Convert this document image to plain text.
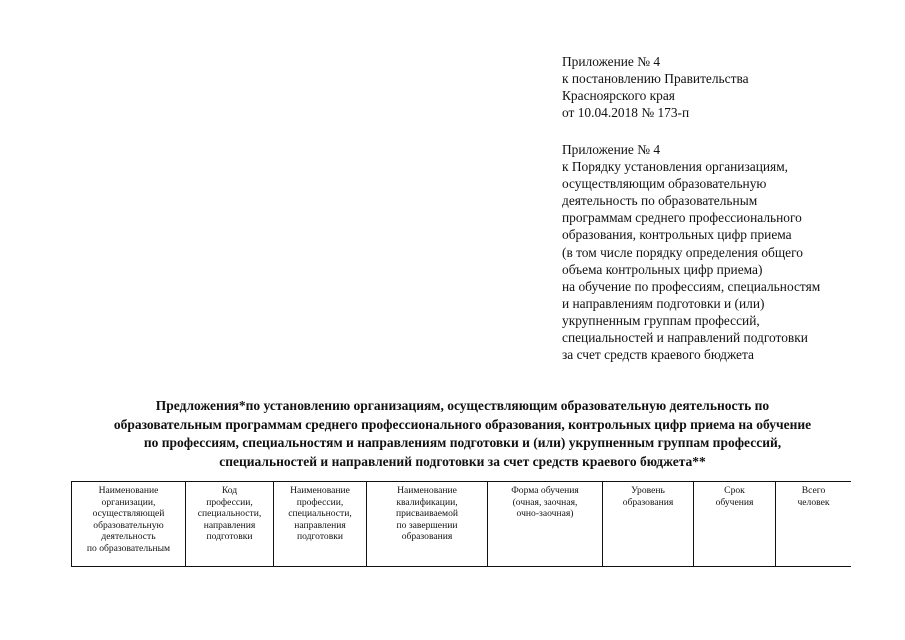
Приложение № 4
к постановлению Правительства
Красноярского края
от 10.04.2018 № 173-п
Приложение № 4
к Порядку установления организациям,
осуществляющим образовательную
деятельность по образовательным
программам среднего профессионального
образования, контрольных цифр приема
(в том числе порядку определения общего
объема контрольных цифр приема)
на обучение по профессиям, специальностям
и направлениям подготовки и (или)
укрупненным группам профессий,
специальностей и направлений подготовки
за счет средств краевого бюджета
Предложения*по установлению организациям, осуществляющим образовательную деятельность по
образовательным программам среднего профессионального образования, контрольных цифр приема на обучение
по профессиям, специальностям и направлениям подготовки и (или) укрупненным группам профессий,
специальностей и направлений подготовки за счет средств краевого бюджета**
Наименование
организации,
осуществляющей
образовательную
деятельность
по образовательным	Код
профессии,
специальности,
направления
подготовки	Наименование
профессии,
специальности,
направления
подготовки	Наименование
квалификации,
присваиваемой
по завершении
образования	Форма обучения
(очная, заочная,
очно-заочная)	Уровень
образования	Срок
обучения	Всего
человек
